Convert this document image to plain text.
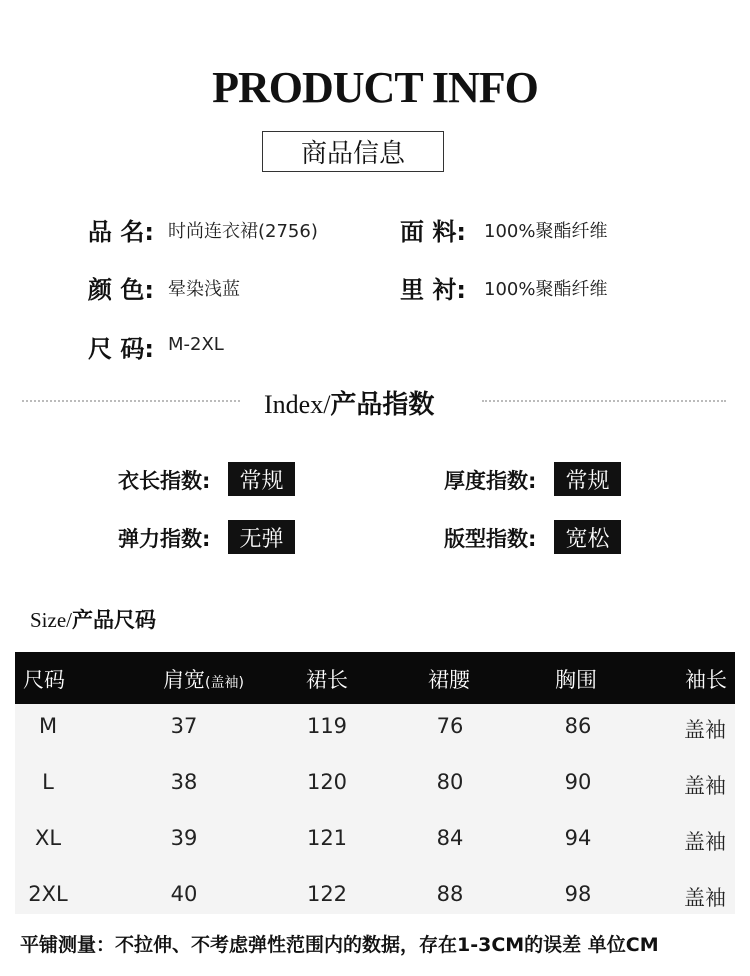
PRODUCT INFO
商品信息
品 名: 时尚连衣裙(2756)	面 料: 100%聚酯纤维
颜 色: 晕染浅蓝	里 衬: 100%聚酯纤维
尺 码: M-2XL
Index/产品指数
衣长指数: 常规	厚度指数: 常规
弹力指数: 无弹	版型指数: 宽松
Size/产品尺码
尺码	肩宽(盖袖)	裙长	裙腰	胸围	袖长
M	37	119	76	86	盖袖
L	38	120	80	90	盖袖
XL	39	121	84	94	盖袖
2XL	40	122	88	98	盖袖
平铺测量：不拉伸、不考虑弹性范围内的数据，存在1-3CM的误差 单位CM
